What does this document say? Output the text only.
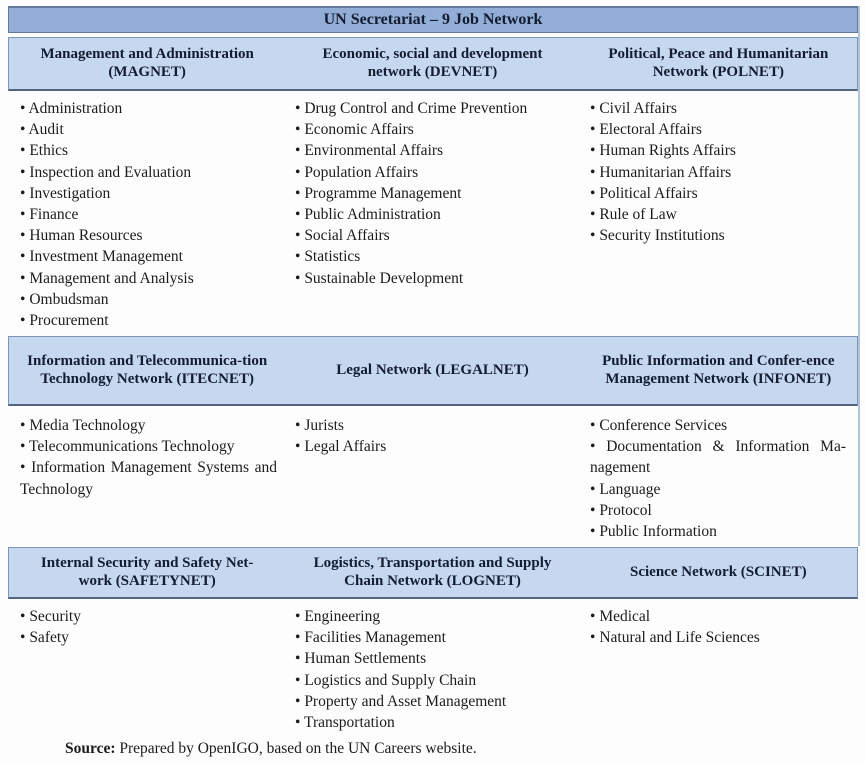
UN Secretariat – 9 Job Network
Management and Administration (MAGNET)
Economic, social and development network (DEVNET)
Political, Peace and Humanitarian Network (POLNET)
• Administration
• Audit
• Ethics
• Inspection and Evaluation
• Investigation
• Finance
• Human Resources
• Investment Management
• Management and Analysis
• Ombudsman
• Procurement
• Drug Control and Crime Prevention
• Economic Affairs
• Environmental Affairs
• Population Affairs
• Programme Management
• Public Administration
• Social Affairs
• Statistics
• Sustainable Development
• Civil Affairs
• Electoral Affairs
• Human Rights Affairs
• Humanitarian Affairs
• Political Affairs
• Rule of Law
• Security Institutions
Information and Telecommunica-tion Technology Network (ITECNET)
Legal Network (LEGALNET)
Public Information and Confer-ence Management Network (INFONET)
• Media Technology
• Telecommunications Technology
• Information Management Systems and Technology
• Jurists
• Legal Affairs
• Conference Services
• Documentation & Information Ma-nagement
• Language
• Protocol
• Public Information
Internal Security and Safety Net-work (SAFETYNET)
Logistics, Transportation and Supply Chain Network (LOGNET)
Science Network (SCINET)
• Security
• Safety
• Engineering
• Facilities Management
• Human Settlements
• Logistics and Supply Chain
• Property and Asset Management
• Transportation
• Medical
• Natural and Life Sciences
Source: Prepared by OpenIGO, based on the UN Careers website.
